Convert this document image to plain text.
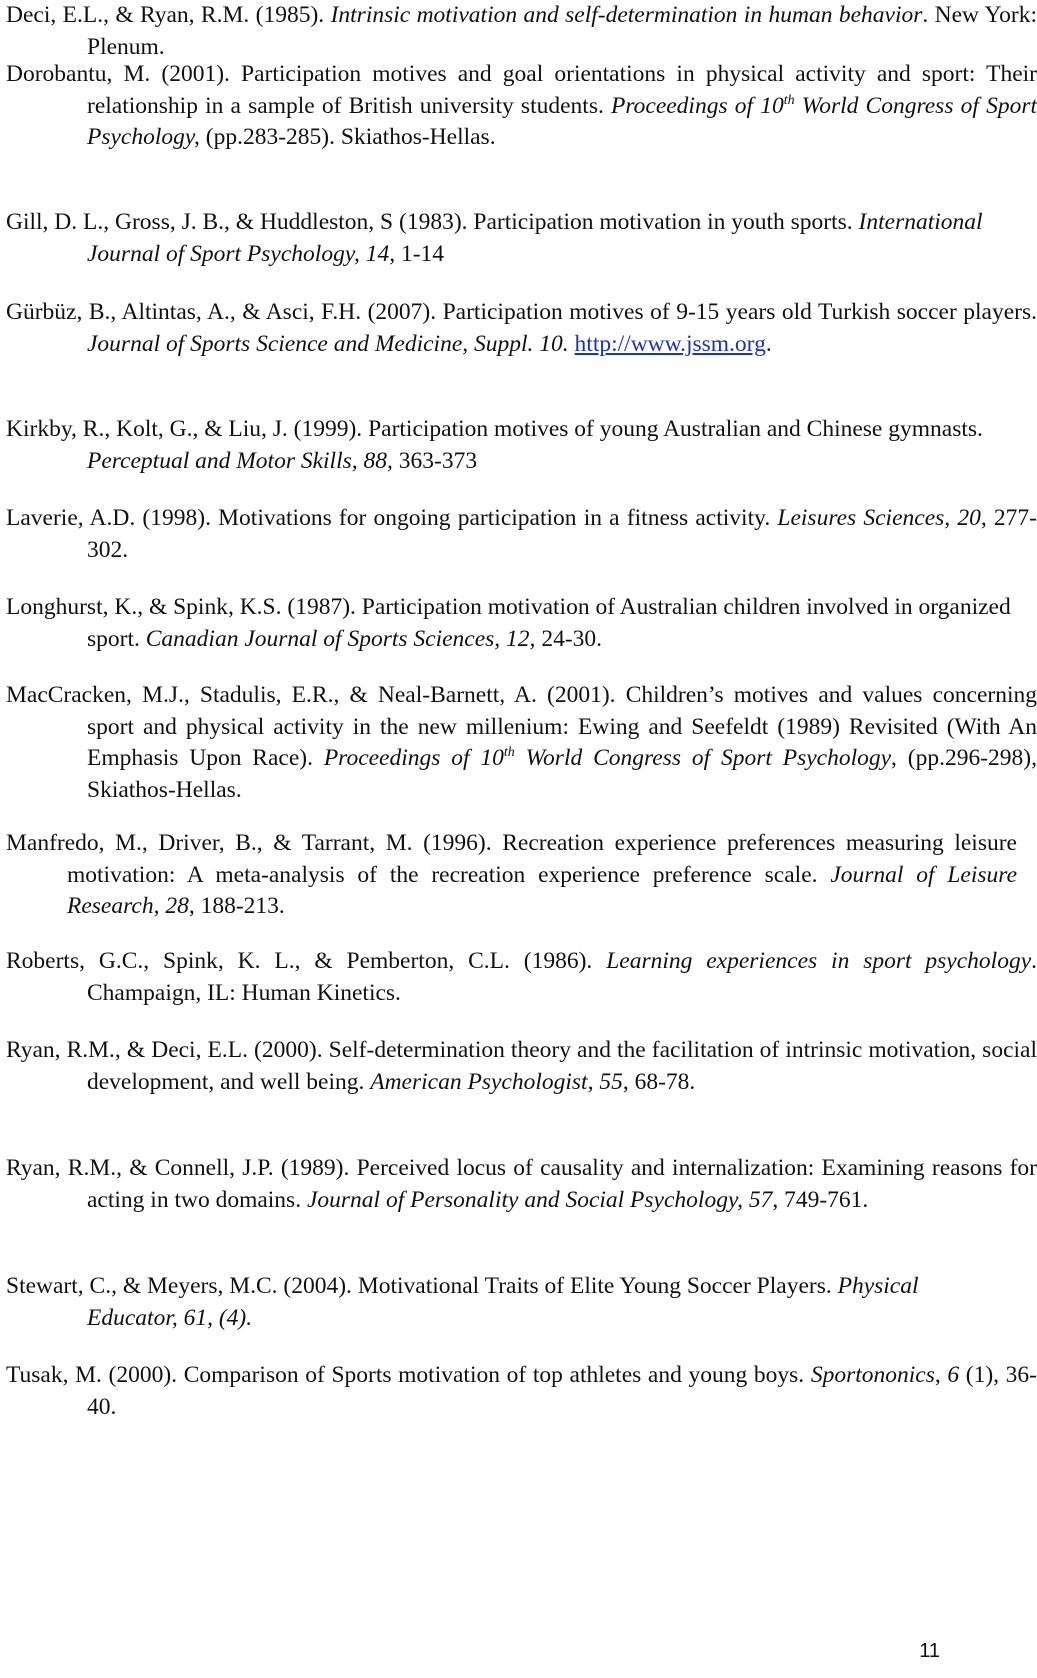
Deci, E.L., & Ryan, R.M. (1985). Intrinsic motivation and self-determination in human behavior. New York: Plenum.

Dorobantu, M. (2001). Participation motives and goal orientations in physical activity and sport: Their relationship in a sample of British university students. Proceedings of 10th World Congress of Sport Psychology, (pp.283-285). Skiathos-Hellas.

Gill, D. L., Gross, J. B., & Huddleston, S (1983). Participation motivation in youth sports. International Journal of Sport Psychology, 14, 1-14

Gürbüz, B., Altintas, A., & Asci, F.H. (2007). Participation motives of 9-15 years old Turkish soccer players. Journal of Sports Science and Medicine, Suppl. 10. http://www.jssm.org.

Kirkby, R., Kolt, G., & Liu, J. (1999). Participation motives of young Australian and Chinese gymnasts. Perceptual and Motor Skills, 88, 363-373

Laverie, A.D. (1998). Motivations for ongoing participation in a fitness activity. Leisures Sciences, 20, 277-302.

Longhurst, K., & Spink, K.S. (1987). Participation motivation of Australian children involved in organized sport. Canadian Journal of Sports Sciences, 12, 24-30.

MacCracken, M.J., Stadulis, E.R., & Neal-Barnett, A. (2001). Children’s motives and values concerning sport and physical activity in the new millenium: Ewing and Seefeldt (1989) Revisited (With An Emphasis Upon Race). Proceedings of 10th World Congress of Sport Psychology, (pp.296-298), Skiathos-Hellas.

Manfredo, M., Driver, B., & Tarrant, M. (1996). Recreation experience preferences measuring leisure motivation: A meta-analysis of the recreation experience preference scale. Journal of Leisure Research, 28, 188-213.

Roberts, G.C., Spink, K. L., & Pemberton, C.L. (1986). Learning experiences in sport psychology. Champaign, IL: Human Kinetics.

Ryan, R.M., & Deci, E.L. (2000). Self-determination theory and the facilitation of intrinsic motivation, social development, and well being. American Psychologist, 55, 68-78.

Ryan, R.M., & Connell, J.P. (1989). Perceived locus of causality and internalization: Examining reasons for acting in two domains. Journal of Personality and Social Psychology, 57, 749-761.

Stewart, C., & Meyers, M.C. (2004). Motivational Traits of Elite Young Soccer Players. Physical Educator, 61, (4).

Tusak, M. (2000). Comparison of Sports motivation of top athletes and young boys. Sportononics, 6 (1), 36-40.

11
